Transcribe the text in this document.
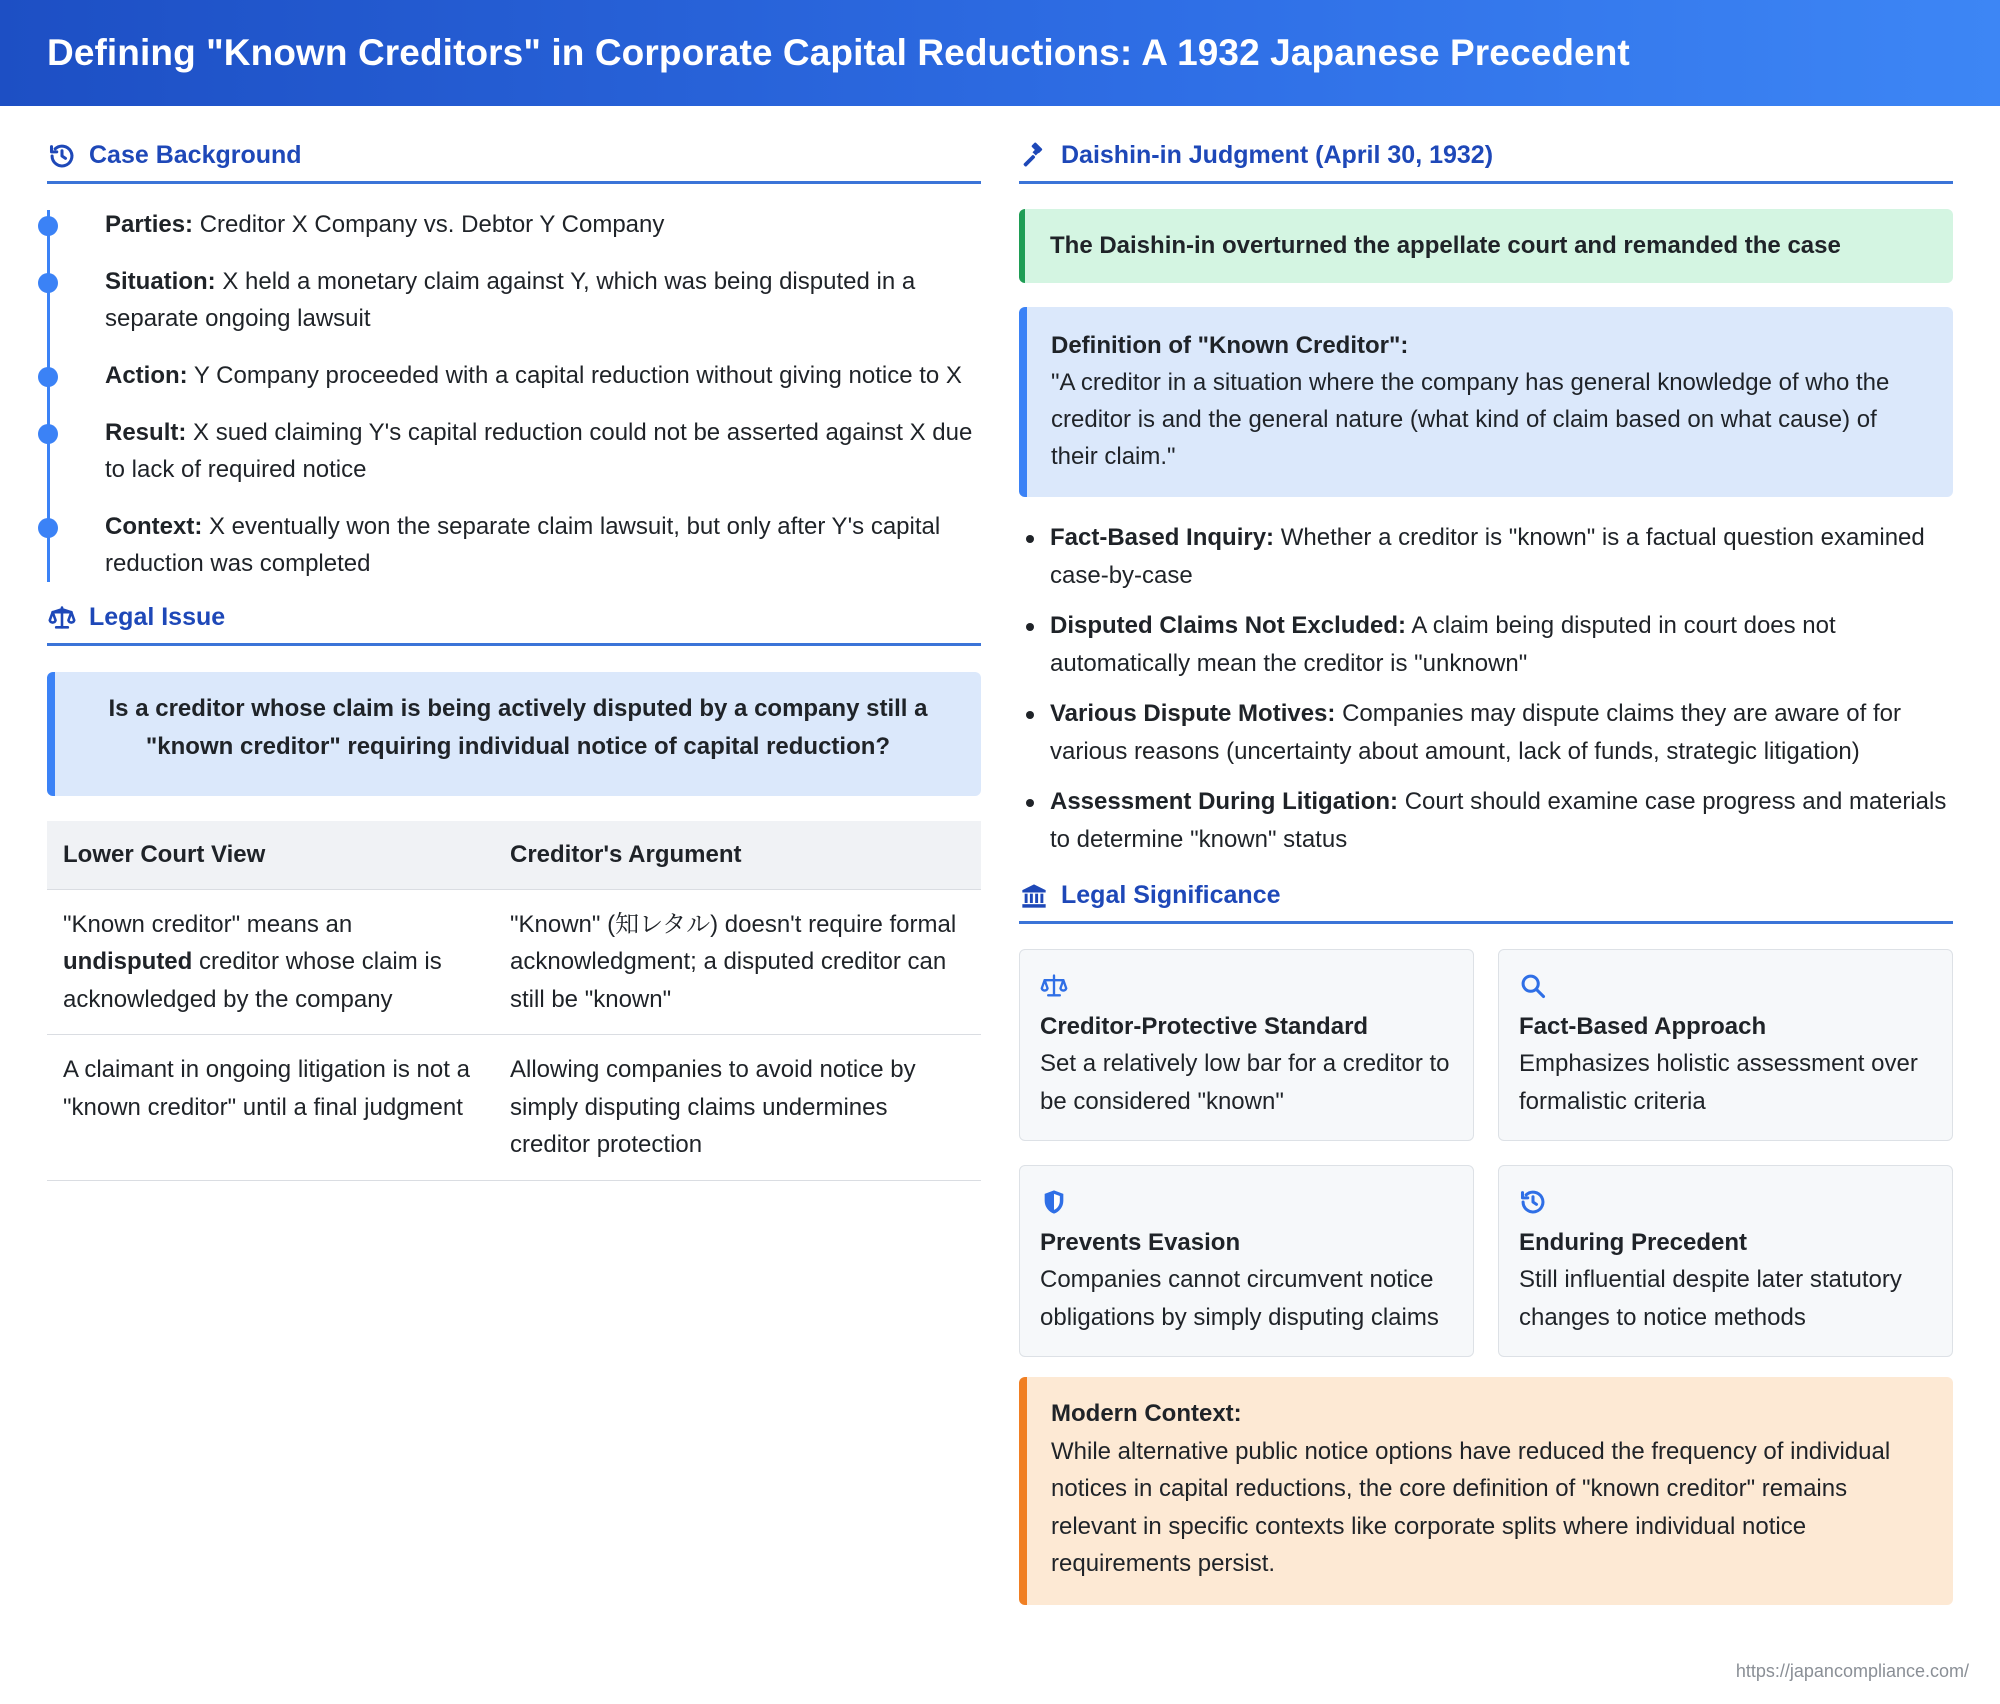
Defining "Known Creditors" in Corporate Capital Reductions: A 1932 Japanese Precedent
Case Background
Parties: Creditor X Company vs. Debtor Y Company
Situation: X held a monetary claim against Y, which was being disputed in a separate ongoing lawsuit
Action: Y Company proceeded with a capital reduction without giving notice to X
Result: X sued claiming Y's capital reduction could not be asserted against X due to lack of required notice
Context: X eventually won the separate claim lawsuit, but only after Y's capital reduction was completed
Legal Issue
Is a creditor whose claim is being actively disputed by a company still a "known creditor" requiring individual notice of capital reduction?
Lower Court View	Creditor's Argument
"Known creditor" means an undisputed creditor whose claim is acknowledged by the company	"Known" (知レタル) doesn't require formal acknowledgment; a disputed creditor can still be "known"
A claimant in ongoing litigation is not a "known creditor" until a final judgment	Allowing companies to avoid notice by simply disputing claims undermines creditor protection
Daishin-in Judgment (April 30, 1932)
The Daishin-in overturned the appellate court and remanded the case
Definition of "Known Creditor":
"A creditor in a situation where the company has general knowledge of who the creditor is and the general nature (what kind of claim based on what cause) of their claim."
Fact-Based Inquiry: Whether a creditor is "known" is a factual question examined case-by-case
Disputed Claims Not Excluded: A claim being disputed in court does not automatically mean the creditor is "unknown"
Various Dispute Motives: Companies may dispute claims they are aware of for various reasons (uncertainty about amount, lack of funds, strategic litigation)
Assessment During Litigation: Court should examine case progress and materials to determine "known" status
Legal Significance
Creditor-Protective Standard
Set a relatively low bar for a creditor to be considered "known"
Fact-Based Approach
Emphasizes holistic assessment over formalistic criteria
Prevents Evasion
Companies cannot circumvent notice obligations by simply disputing claims
Enduring Precedent
Still influential despite later statutory changes to notice methods
Modern Context:
While alternative public notice options have reduced the frequency of individual notices in capital reductions, the core definition of "known creditor" remains relevant in specific contexts like corporate splits where individual notice requirements persist.
https://japancompliance.com/
